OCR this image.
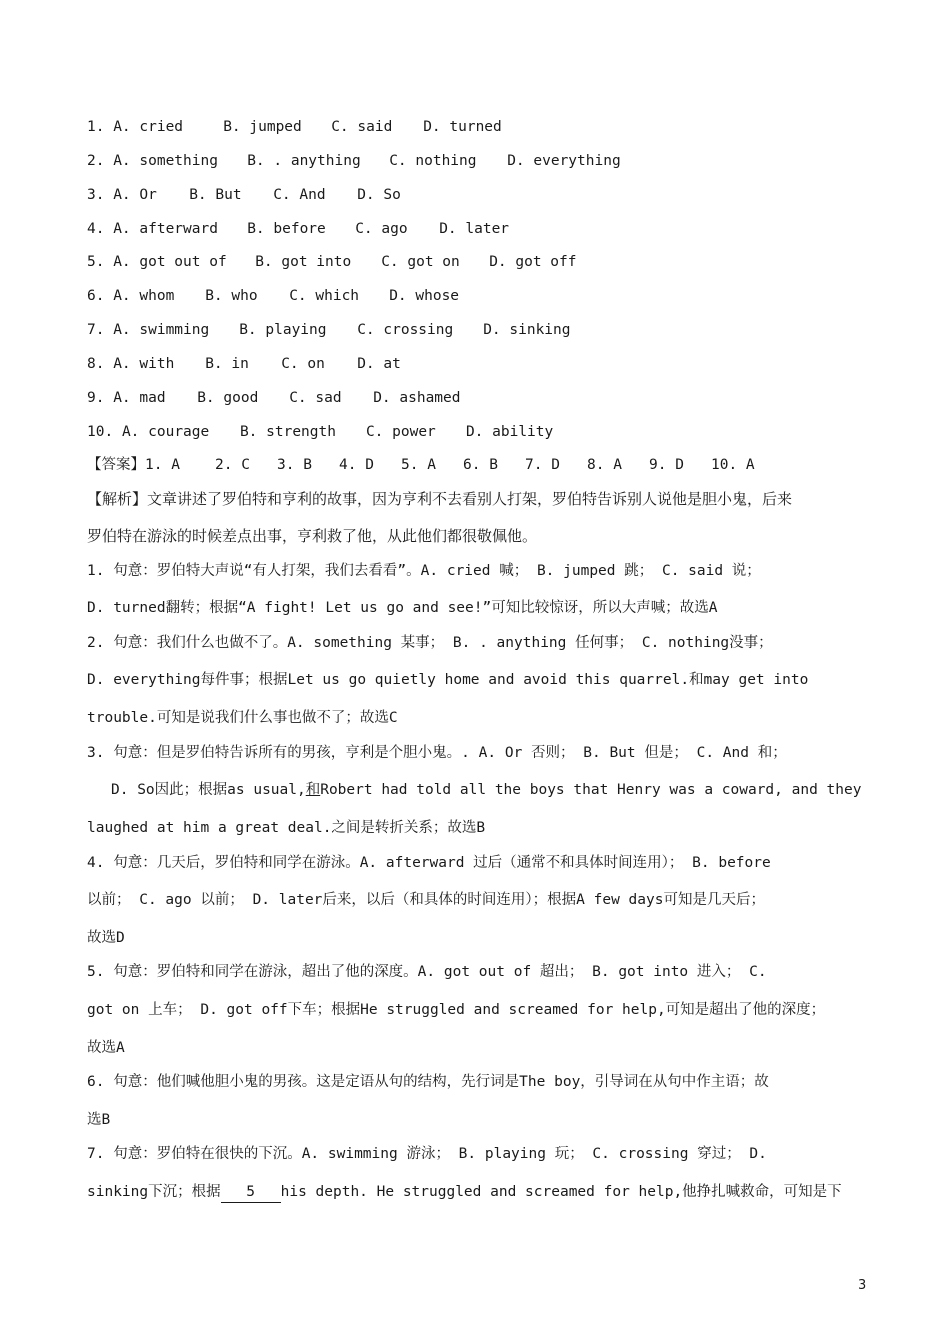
1. A. cried	B. jumped C. said D. turned
2. A. something B. . anything C. nothing D. everything
3. A. Or B. But C. And D. So
4. A. afterward B. before C. ago D. later
5. A. got out of B. got into C. got on D. got off
6. A. whom B. who C. which D. whose
7. A. swimming B. playing C. crossing D. sinking
8. A. with B. in C. on D. at
9. A. mad B. good C. sad D. ashamed
10. A. courage B. strength C. power D. ability
【答案】1. A 2. C 3. B 4. D 5. A 6. B 7. D 8. A 9. D 10. A
【解析】文章讲述了罗伯特和亨利的故事，因为亨利不去看别人打架，罗伯特告诉别人说他是胆小鬼，后来
罗伯特在游泳的时候差点出事，亨利救了他，从此他们都很敬佩他。
1. 句意：罗伯特大声说“有人打架，我们去看看”。A. cried 喊； B. jumped 跳； C. said 说；
D. turned翻转；根据“A fight! Let us go and see!”可知比较惊讶，所以大声喊；故选A
2. 句意：我们什么也做不了。A. something 某事； B. . anything 任何事； C. nothing没事；
D. everything每件事；根据Let us go quietly home and avoid this quarrel.和may get into
trouble.可知是说我们什么事也做不了；故选C
3. 句意：但是罗伯特告诉所有的男孩，亨利是个胆小鬼。. A. Or 否则； B. But 但是； C. And 和；
D. So因此；根据as usual,和Robert had told all the boys that Henry was a coward, and they
laughed at him a great deal.之间是转折关系；故选B
4. 句意：几天后，罗伯特和同学在游泳。A. afterward 过后（通常不和具体时间连用）； B. before
以前； C. ago 以前； D. later后来，以后（和具体的时间连用）；根据A few days可知是几天后；
故选D
5. 句意：罗伯特和同学在游泳，超出了他的深度。A. got out of 超出； B. got into 进入； C.
got on 上车； D. got off下车；根据He struggled and screamed for help,可知是超出了他的深度；
故选A
6. 句意：他们喊他胆小鬼的男孩。这是定语从句的结构，先行词是The boy，引导词在从句中作主语；故
选B
7. 句意：罗伯特在很快的下沉。A. swimming 游泳； B. playing 玩； C. crossing 穿过； D.
sinking下沉；根据 5 his depth. He struggled and screamed for help,他挣扎喊救命，可知是下
3
